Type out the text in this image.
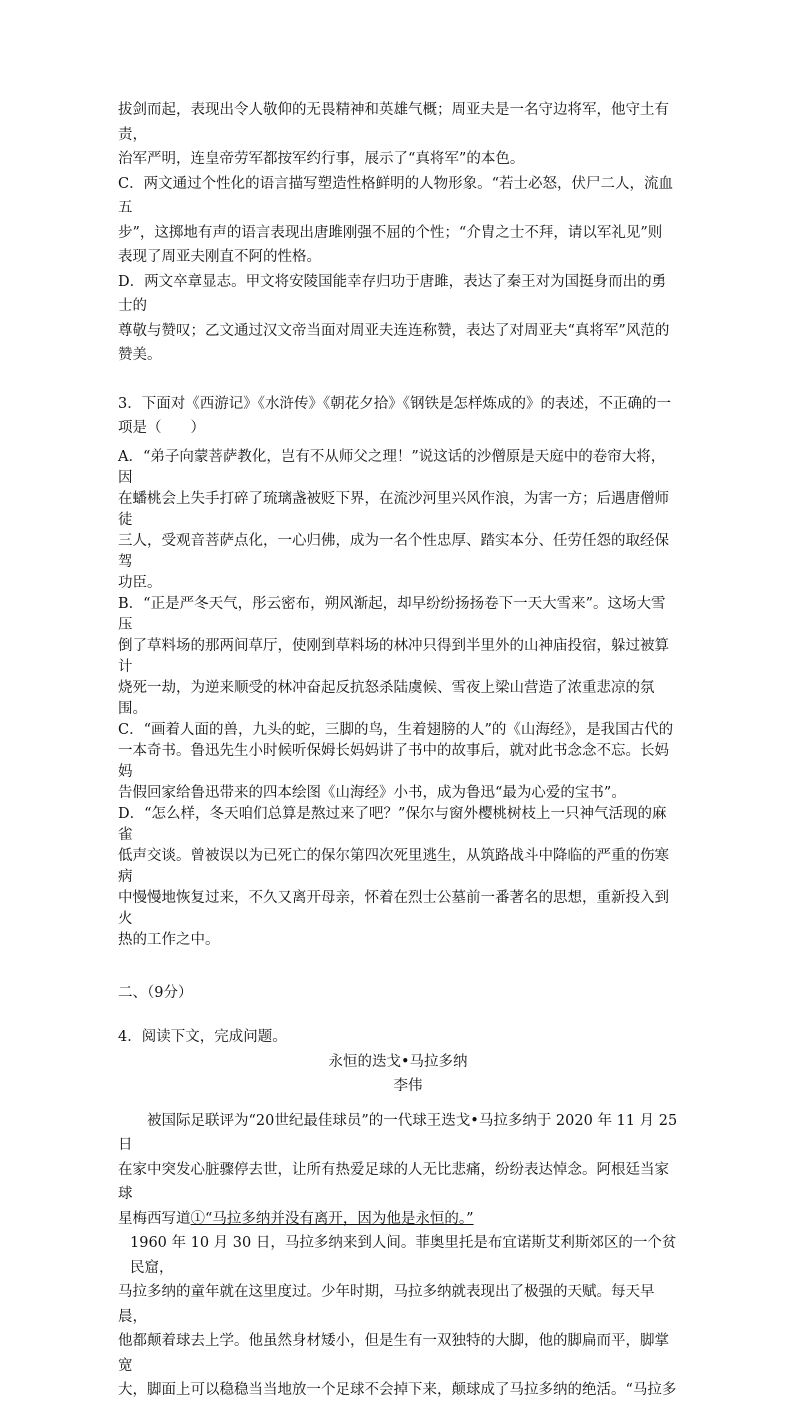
拔剑而起，表现出令人敬仰的无畏精神和英雄气概；周亚夫是一名守边将军，他守土有责，

治军严明，连皇帝劳军都按军约行事，展示了“真将军”的本色。

C．两文通过个性化的语言描写塑造性格鲜明的人物形象。“若士必怒，伏尸二人，流血五

步”，这掷地有声的语言表现出唐雎刚强不屈的个性；“介胄之士不拜，请以军礼见”则

表现了周亚夫刚直不阿的性格。

D．两文卒章显志。甲文将安陵国能幸存归功于唐雎，表达了秦王对为国挺身而出的勇士的

尊敬与赞叹；乙文通过汉文帝当面对周亚夫连连称赞，表达了对周亚夫“真将军”风范的

赞美。

3．下面对《西游记》《水浒传》《朝花夕拾》《钢铁是怎样炼成的》的表述，不正确的一

项是（　　）

A．“弟子向蒙菩萨教化，岂有不从师父之理！”说这话的沙僧原是天庭中的卷帘大将，因

在蟠桃会上失手打碎了琉璃盏被贬下界，在流沙河里兴风作浪，为害一方；后遇唐僧师徒

三人，受观音菩萨点化，一心归佛，成为一名个性忠厚、踏实本分、任劳任怨的取经保驾

功臣。

B．“正是严冬天气，彤云密布，朔风渐起，却早纷纷扬扬卷下一天大雪来”。这场大雪压

倒了草料场的那两间草厅，使刚到草料场的林冲只得到半里外的山神庙投宿，躲过被算计

烧死一劫，为逆来顺受的林冲奋起反抗怒杀陆虞候、雪夜上梁山营造了浓重悲凉的氛围。

C．“画着人面的兽，九头的蛇，三脚的鸟，生着翅膀的人”的《山海经》，是我国古代的

一本奇书。鲁迅先生小时候听保姆长妈妈讲了书中的故事后，就对此书念念不忘。长妈妈

告假回家给鲁迅带来的四本绘图《山海经》小书，成为鲁迅“最为心爱的宝书”。

D．“怎么样，冬天咱们总算是熬过来了吧？”保尔与窗外樱桃树枝上一只神气活现的麻雀

低声交谈。曾被误以为已死亡的保尔第四次死里逃生，从筑路战斗中降临的严重的伤寒病

中慢慢地恢复过来，不久又离开母亲，怀着在烈士公墓前一番著名的思想，重新投入到火

热的工作之中。

二、（9分）

4．阅读下文，完成问题。

永恒的迭戈•马拉多纳

李伟

被国际足联评为“20世纪最佳球员”的一代球王迭戈•马拉多纳于 2020 年 11 月 25 日

在家中突发心脏骤停去世，让所有热爱足球的人无比悲痛，纷纷表达悼念。阿根廷当家球

星梅西写道①“马拉多纳并没有离开，因为他是永恒的。”

1960 年 10 月 30 日，马拉多纳来到人间。菲奥里托是布宜诺斯艾利斯郊区的一个贫民窟，

马拉多纳的童年就在这里度过。少年时期，马拉多纳就表现出了极强的天赋。每天早晨，

他都颠着球去上学。他虽然身材矮小，但是生有一双独特的大脚，他的脚扁而平，脚掌宽

大，脚面上可以稳稳当当地放一个足球不会掉下来，颠球成了马拉多纳的绝活。“马拉多
